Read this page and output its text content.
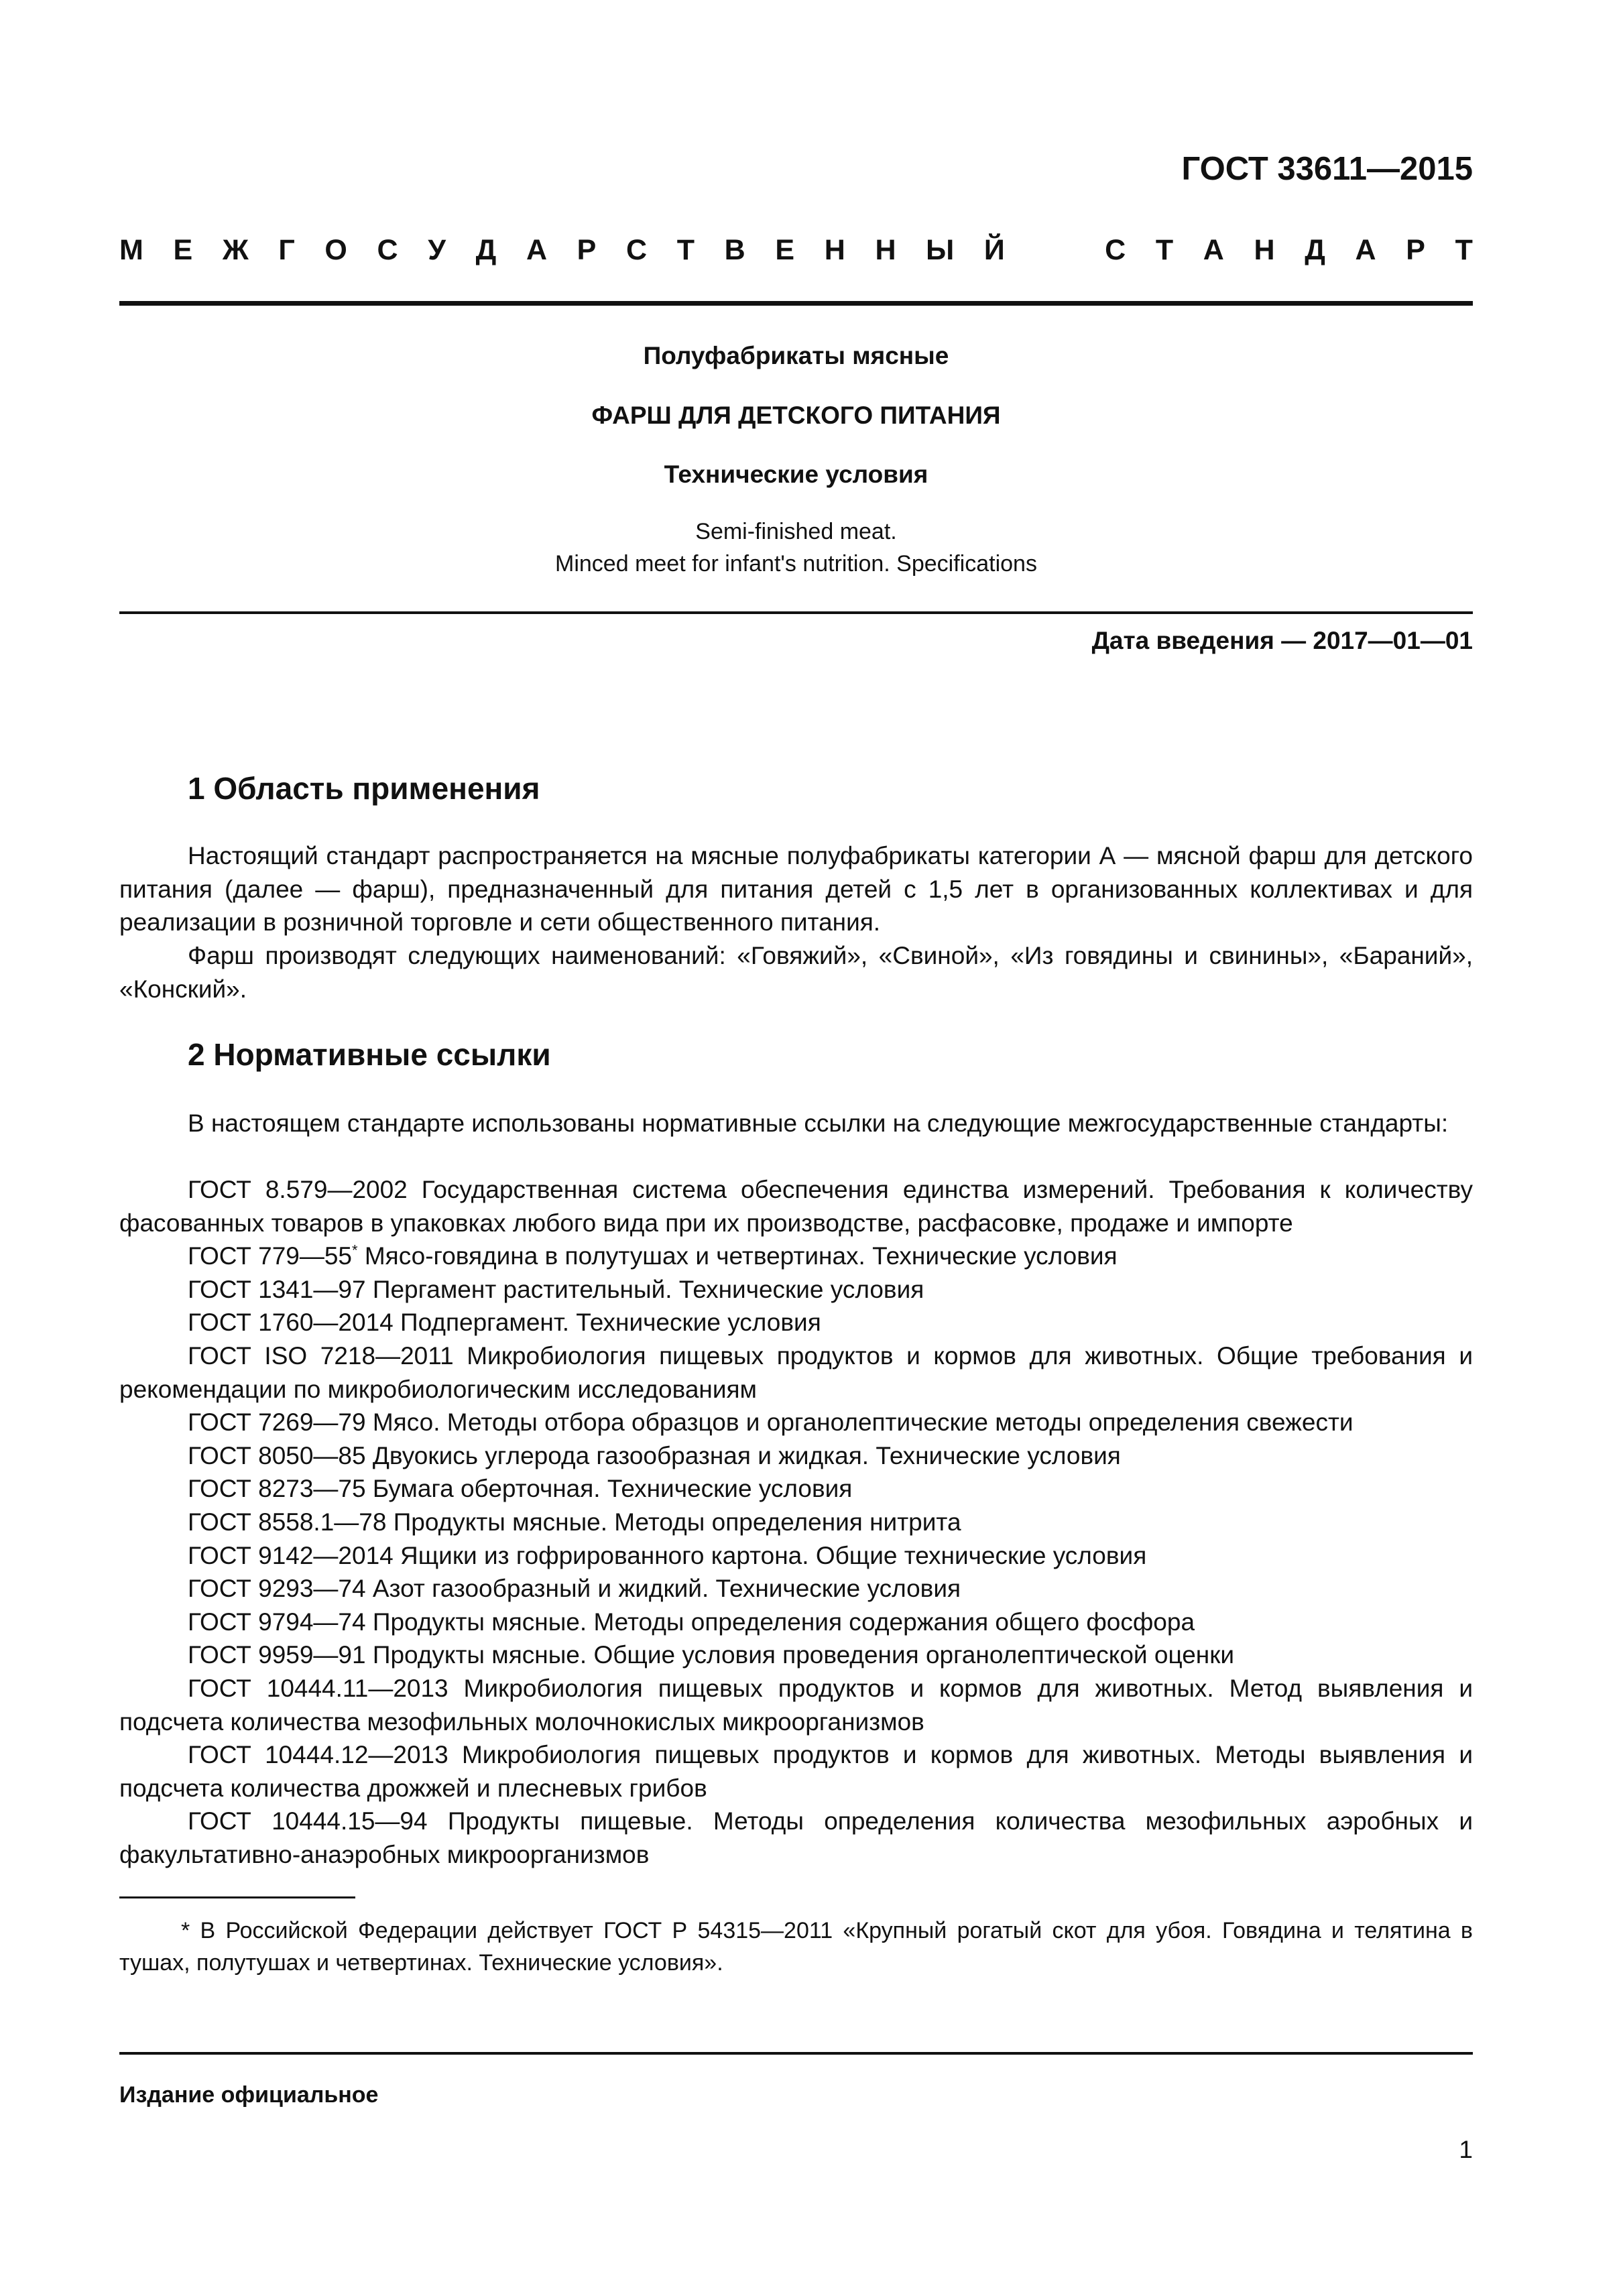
ГОСТ 33611—2015
М Е Ж Г О С У Д А Р С Т В Е Н Н Ы Й	С Т А Н Д А Р Т
Полуфабрикаты мясные
ФАРШ ДЛЯ ДЕТСКОГО ПИТАНИЯ
Технические условия
Semi-finished meat.
Minced meet for infant's nutrition. Specifications
Дата введения — 2017—01—01
1 Область применения

Настоящий стандарт распространяется на мясные полуфабрикаты категории А — мясной фарш для детского питания (далее — фарш), предназначенный для питания детей с 1,5 лет в организованных коллективах и для реализации в розничной торговле и сети общественного питания.

Фарш производят следующих наименований: «Говяжий», «Свиной», «Из говядины и свинины», «Бараний», «Конский».

2 Нормативные ссылки

В настоящем стандарте использованы нормативные ссылки на следующие межгосударственные стандарты:

ГОСТ 8.579—2002 Государственная система обеспечения единства измерений. Требования к количеству фасованных товаров в упаковках любого вида при их производстве, расфасовке, продаже и импорте
ГОСТ 779—55* Мясо-говядина в полутушах и четвертинах. Технические условия
ГОСТ 1341—97 Пергамент растительный. Технические условия
ГОСТ 1760—2014 Подпергамент. Технические условия
ГОСТ ISO 7218—2011 Микробиология пищевых продуктов и кормов для животных. Общие требования и рекомендации по микробиологическим исследованиям
ГОСТ 7269—79 Мясо. Методы отбора образцов и органолептические методы определения свежести
ГОСТ 8050—85 Двуокись углерода газообразная и жидкая. Технические условия
ГОСТ 8273—75 Бумага оберточная. Технические условия
ГОСТ 8558.1—78 Продукты мясные. Методы определения нитрита
ГОСТ 9142—2014 Ящики из гофрированного картона. Общие технические условия
ГОСТ 9293—74 Азот газообразный и жидкий. Технические условия
ГОСТ 9794—74 Продукты мясные. Методы определения содержания общего фосфора
ГОСТ 9959—91 Продукты мясные. Общие условия проведения органолептической оценки
ГОСТ 10444.11—2013 Микробиология пищевых продуктов и кормов для животных. Метод выявления и подсчета количества мезофильных молочнокислых микроорганизмов
ГОСТ 10444.12—2013 Микробиология пищевых продуктов и кормов для животных. Методы выявления и подсчета количества дрожжей и плесневых грибов
ГОСТ 10444.15—94 Продукты пищевые. Методы определения количества мезофильных аэробных и факультативно-анаэробных микроорганизмов

* В Российской Федерации действует ГОСТ Р 54315—2011 «Крупный рогатый скот для убоя. Говядина и телятина в тушах, полутушах и четвертинах. Технические условия».

Издание официальное
1
